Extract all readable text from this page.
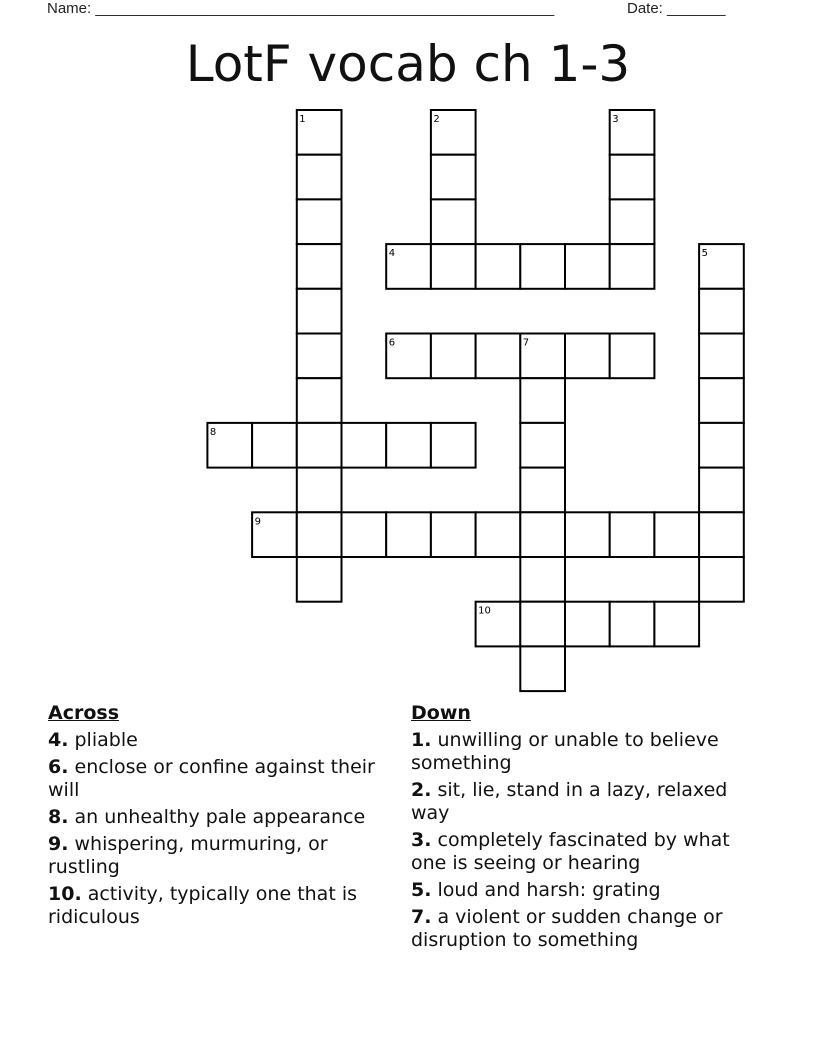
Name: _______________________________________________________	Date: _______
LotF vocab ch 1-3
1	2	3
4	5
6	7
8
9
10
Across
4. pliable
6. enclose or confine against their will
8. an unhealthy pale appearance
9. whispering, murmuring, or rustling
10. activity, typically one that is ridiculous
Down
1. unwilling or unable to believe something
2. sit, lie, stand in a lazy, relaxed way
3. completely fascinated by what one is seeing or hearing
5. loud and harsh: grating
7. a violent or sudden change or disruption to something
